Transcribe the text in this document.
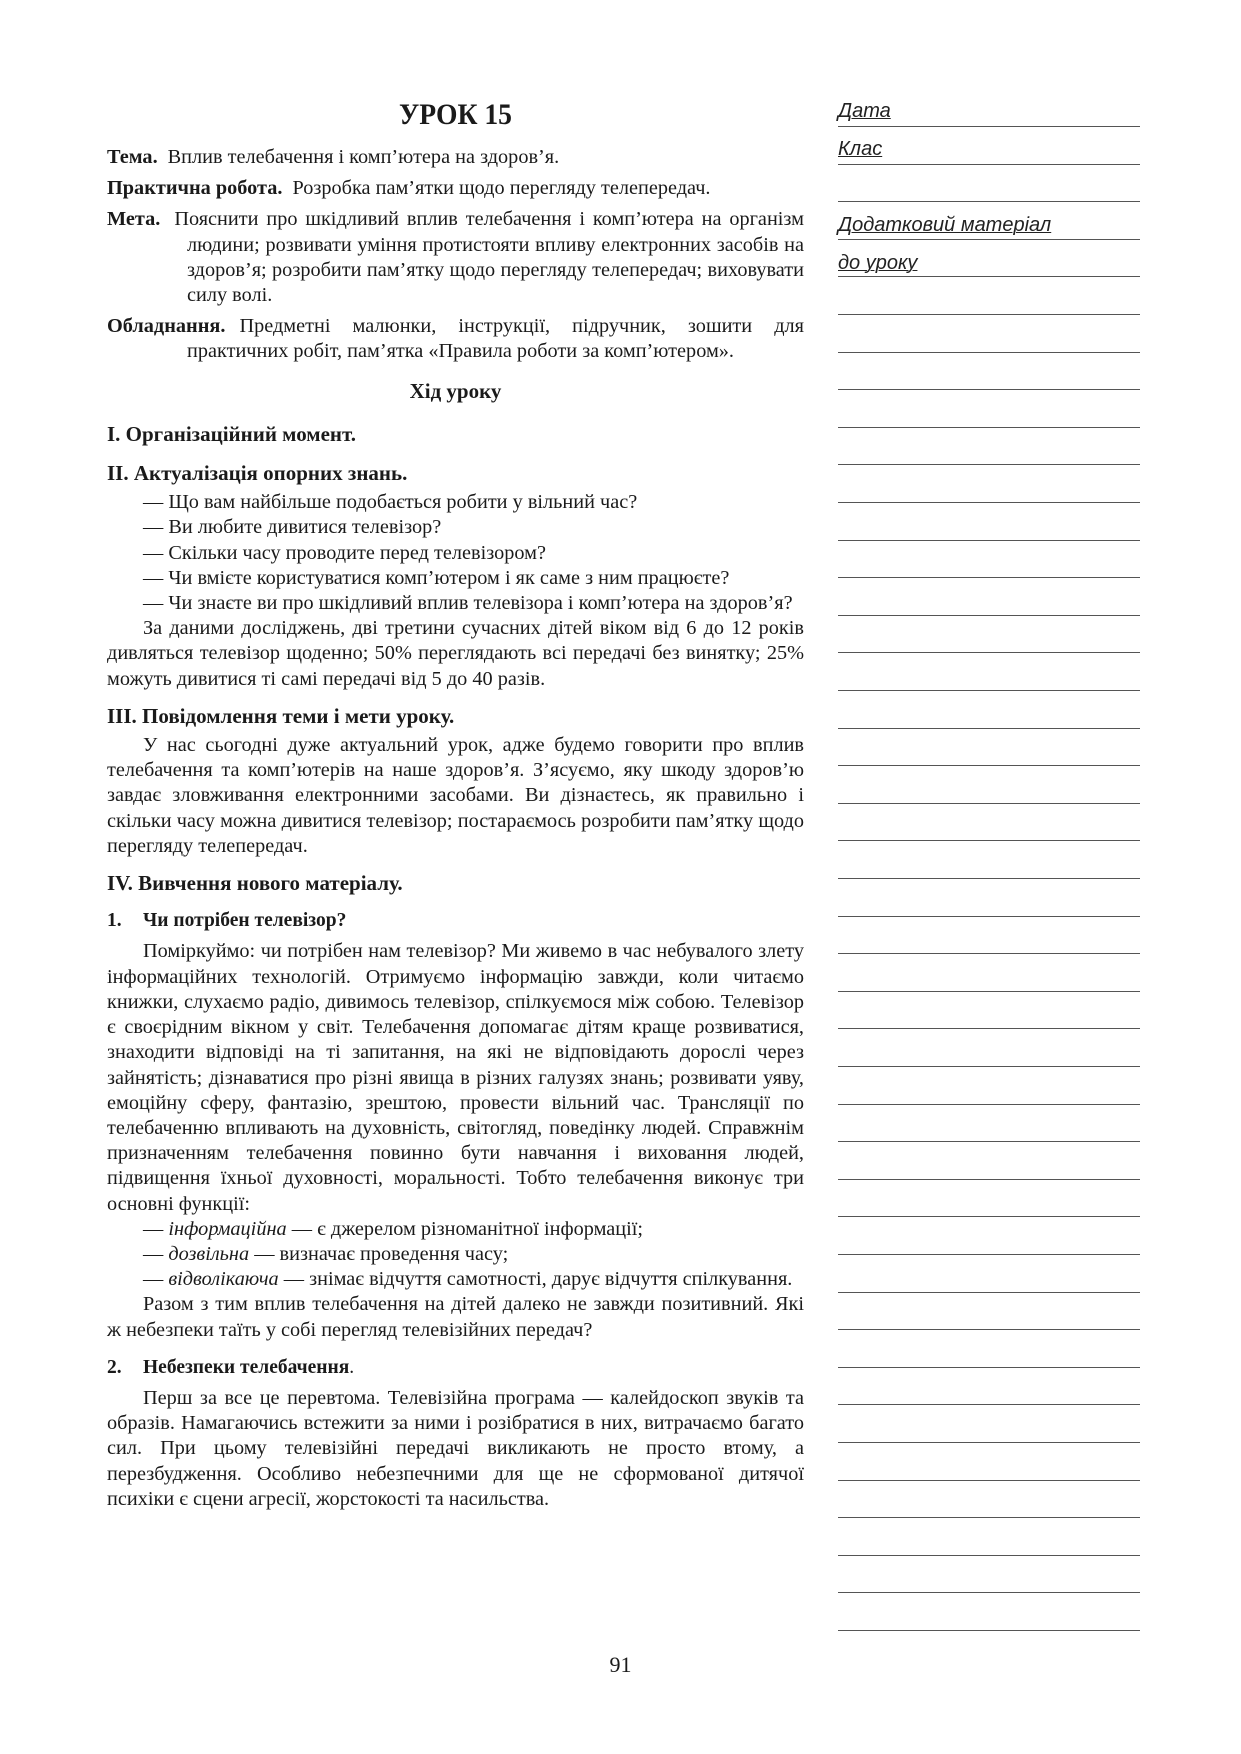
УРОК 15
Тема. Вплив телебачення і комп’ютера на здоров’я.
Практична робота. Розробка пам’ятки щодо перегляду телепередач.
Мета. Пояснити про шкідливий вплив телебачення і комп’ютера на організм людини; розвивати уміння протистояти впливу електронних засобів на здоров’я; розробити пам’ятку щодо перегляду телепередач; виховувати силу волі.
Обладнання. Предметні малюнки, інструкції, підручник, зошити для практичних робіт, пам’ятка «Правила роботи за комп’ютером».
Хід уроку
I. Організаційний момент.
II. Актуалізація опорних знань.

— Що вам найбільше подобається робити у вільний час?

— Ви любите дивитися телевізор?

— Скільки часу проводите перед телевізором?

— Чи вмієте користуватися комп’ютером і як саме з ним працюєте?

— Чи знаєте ви про шкідливий вплив телевізора і комп’ютера на здоров’я?

За даними досліджень, дві третини сучасних дітей віком від 6 до 12 років дивляться телевізор щоденно; 50% переглядають всі передачі без винятку; 25% можуть дивитися ті самі передачі від 5 до 40 разів.

III. Повідомлення теми і мети уроку.

У нас сьогодні дуже актуальний урок, адже будемо говорити про вплив телебачення та комп’ютерів на наше здоров’я. З’ясуємо, яку шкоду здоров’ю завдає зловживання електронними засобами. Ви дізнаєтесь, як правильно і скільки часу можна дивитися телевізор; постараємось розробити пам’ятку щодо перегляду телепередач.

IV. Вивчення нового матеріалу.
1. Чи потрібен телевізор?

Поміркуймо: чи потрібен нам телевізор? Ми живемо в час небувалого злету інформаційних технологій. Отримуємо інформацію завжди, коли читаємо книжки, слухаємо радіо, дивимось телевізор, спілкуємося між собою. Телевізор є своєрідним вікном у світ. Телебачення допомагає дітям краще розвиватися, знаходити відповіді на ті запитання, на які не відповідають дорослі через зайнятість; дізнаватися про різні явища в різних галузях знань; розвивати уяву, емоційну сферу, фантазію, зрештою, провести вільний час. Трансляції по телебаченню впливають на духовність, світогляд, поведінку людей. Справжнім призначенням телебачення повинно бути навчання і виховання людей, підвищення їхньої духовності, моральності. Тобто телебачення виконує три основні функції:

— інформаційна — є джерелом різноманітної інформації;

— дозвільна — визначає проведення часу;

— відволікаюча — знімає відчуття самотності, дарує відчуття спілкування.

Разом з тим вплив телебачення на дітей далеко не завжди позитивний. Які ж небезпеки таїть у собі перегляд телевізійних передач?

2. Небезпеки телебачення.

Перш за все це перевтома. Телевізійна програма — калейдоскоп звуків та образів. Намагаючись встежити за ними і розібратися в них, витрачаємо багато сил. При цьому телевізійні передачі викликають не просто втому, а перезбудження. Особливо небезпечними для ще не сформованої дитячої психіки є сцени агресії, жорстокості та насильства.

Дата
Клас
Додатковий матеріал
до уроку
91
